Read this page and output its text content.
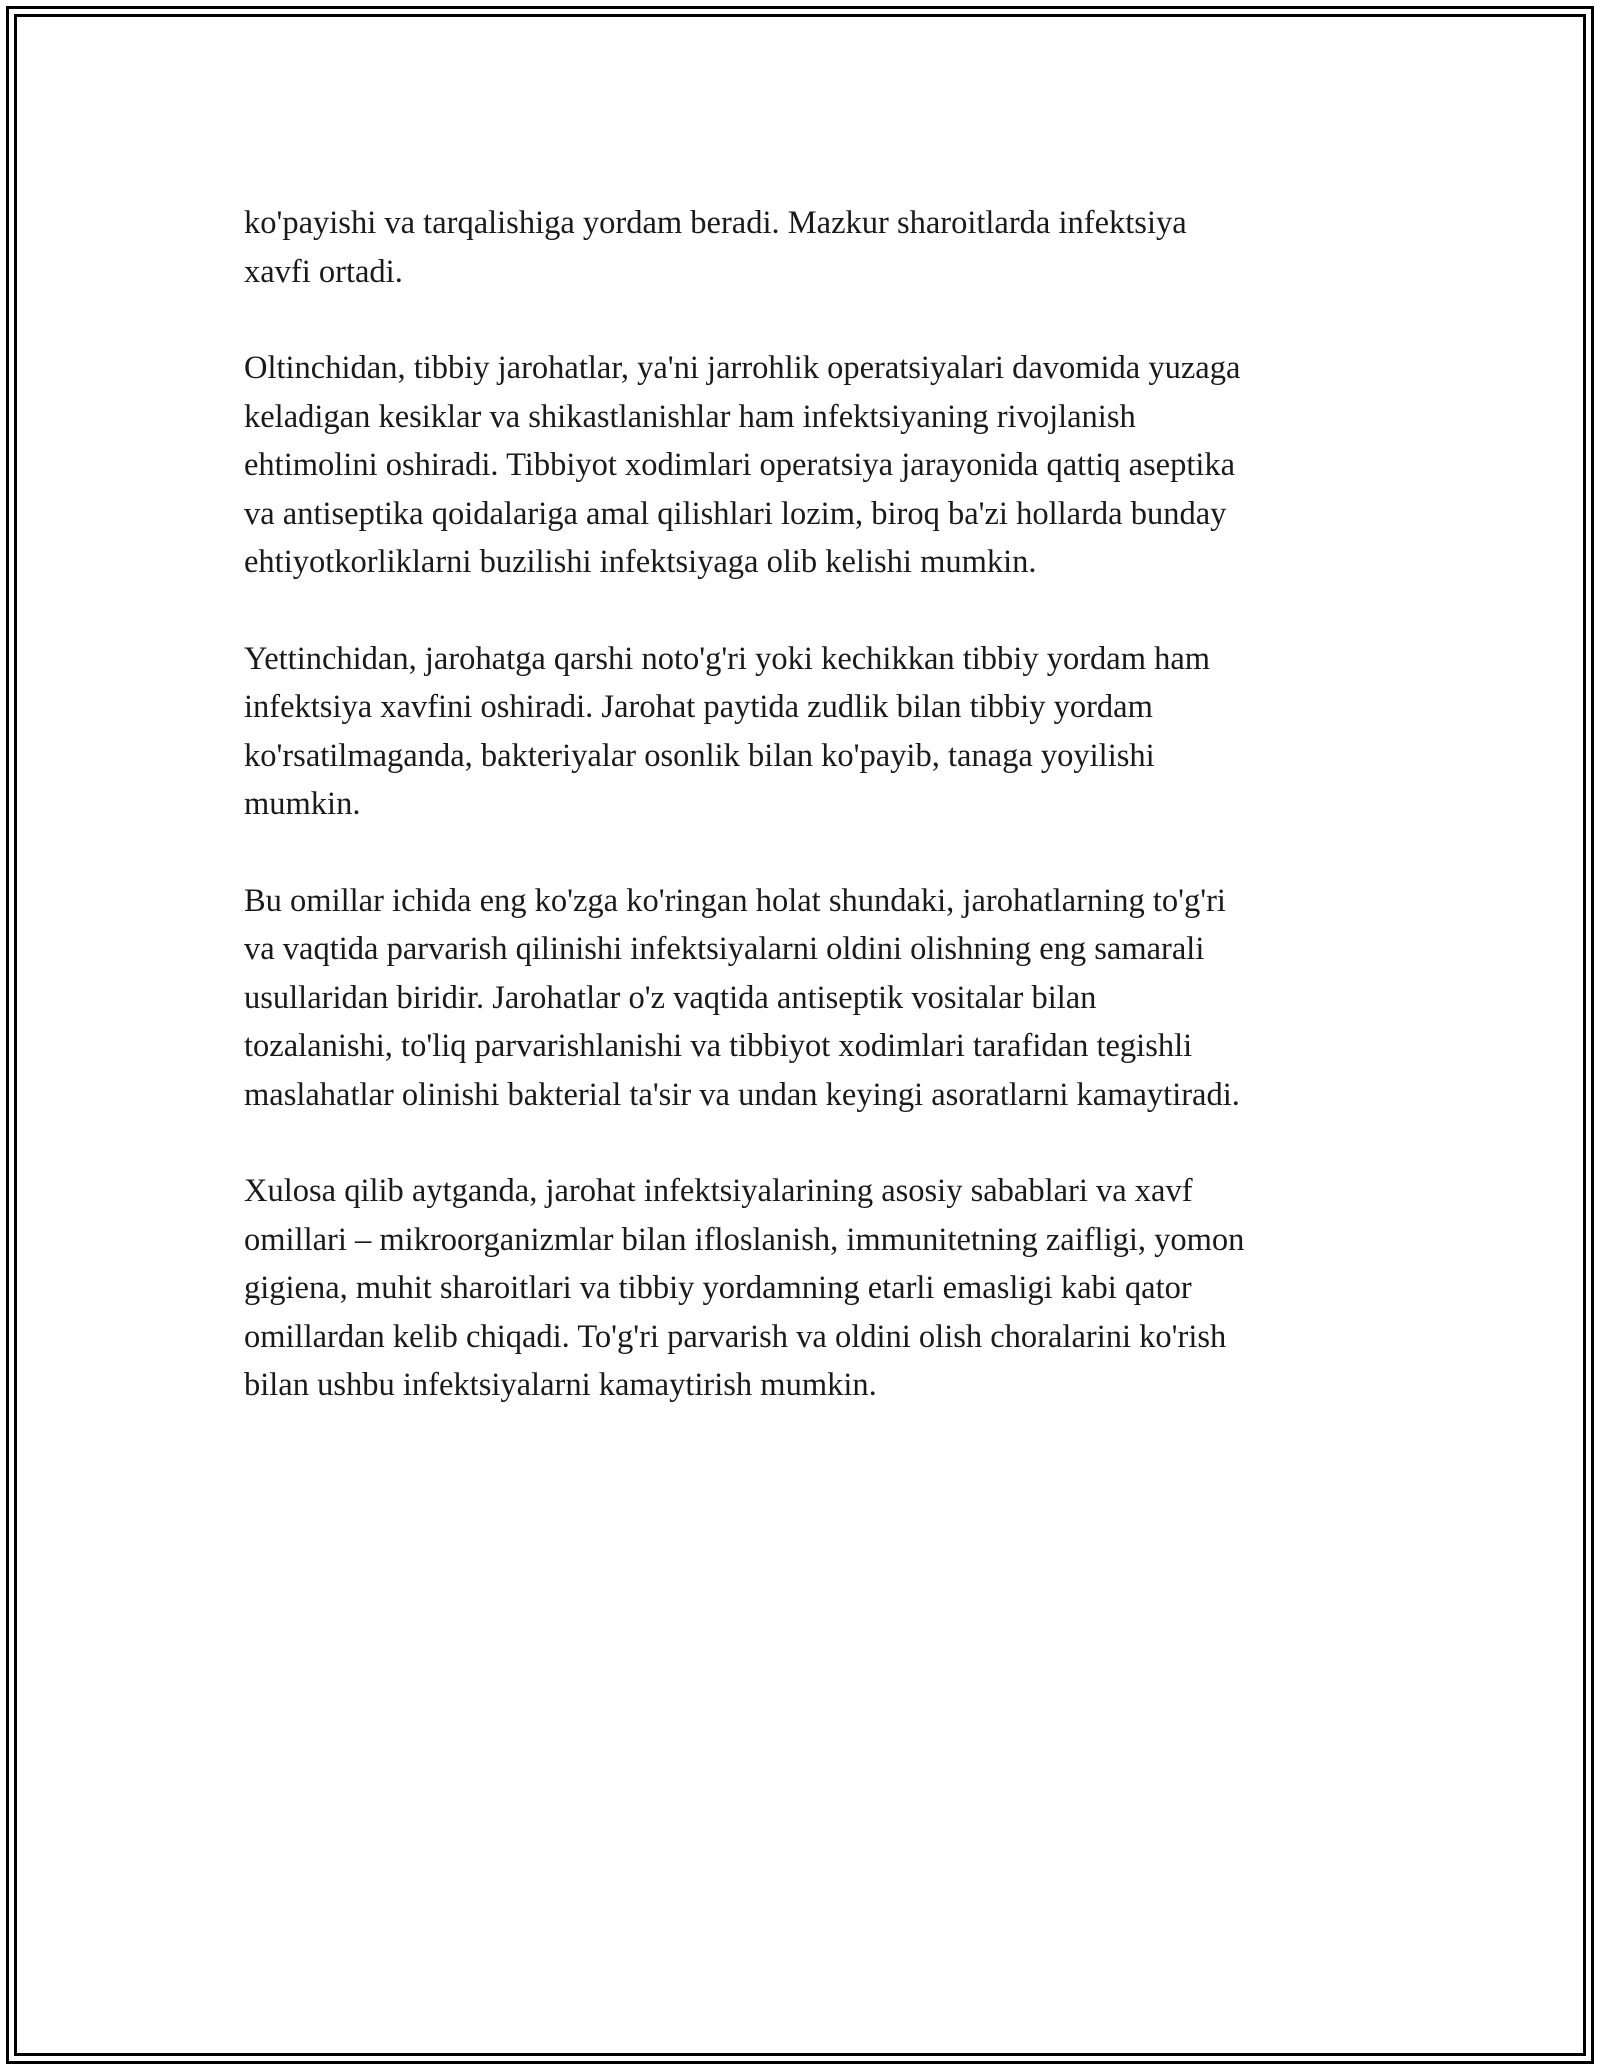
ko'payishi va tarqalishiga yordam beradi. Mazkur sharoitlarda infektsiya
xavfi ortadi.

Oltinchidan, tibbiy jarohatlar, ya'ni jarrohlik operatsiyalari davomida yuzaga
keladigan kesiklar va shikastlanishlar ham infektsiyaning rivojlanish
ehtimolini oshiradi. Tibbiyot xodimlari operatsiya jarayonida qattiq aseptika
va antiseptika qoidalariga amal qilishlari lozim, biroq ba'zi hollarda bunday
ehtiyotkorliklarni buzilishi infektsiyaga olib kelishi mumkin.

Yettinchidan, jarohatga qarshi noto'g'ri yoki kechikkan tibbiy yordam ham
infektsiya xavfini oshiradi. Jarohat paytida zudlik bilan tibbiy yordam
ko'rsatilmaganda, bakteriyalar osonlik bilan ko'payib, tanaga yoyilishi
mumkin.

Bu omillar ichida eng ko'zga ko'ringan holat shundaki, jarohatlarning to'g'ri
va vaqtida parvarish qilinishi infektsiyalarni oldini olishning eng samarali
usullaridan biridir. Jarohatlar o'z vaqtida antiseptik vositalar bilan
tozalanishi, to'liq parvarishlanishi va tibbiyot xodimlari tarafidan tegishli
maslahatlar olinishi bakterial ta'sir va undan keyingi asoratlarni kamaytiradi.

Xulosa qilib aytganda, jarohat infektsiyalarining asosiy sabablari va xavf
omillari – mikroorganizmlar bilan ifloslanish, immunitetning zaifligi, yomon
gigiena, muhit sharoitlari va tibbiy yordamning etarli emasligi kabi qator
omillardan kelib chiqadi. To'g'ri parvarish va oldini olish choralarini ko'rish
bilan ushbu infektsiyalarni kamaytirish mumkin.
